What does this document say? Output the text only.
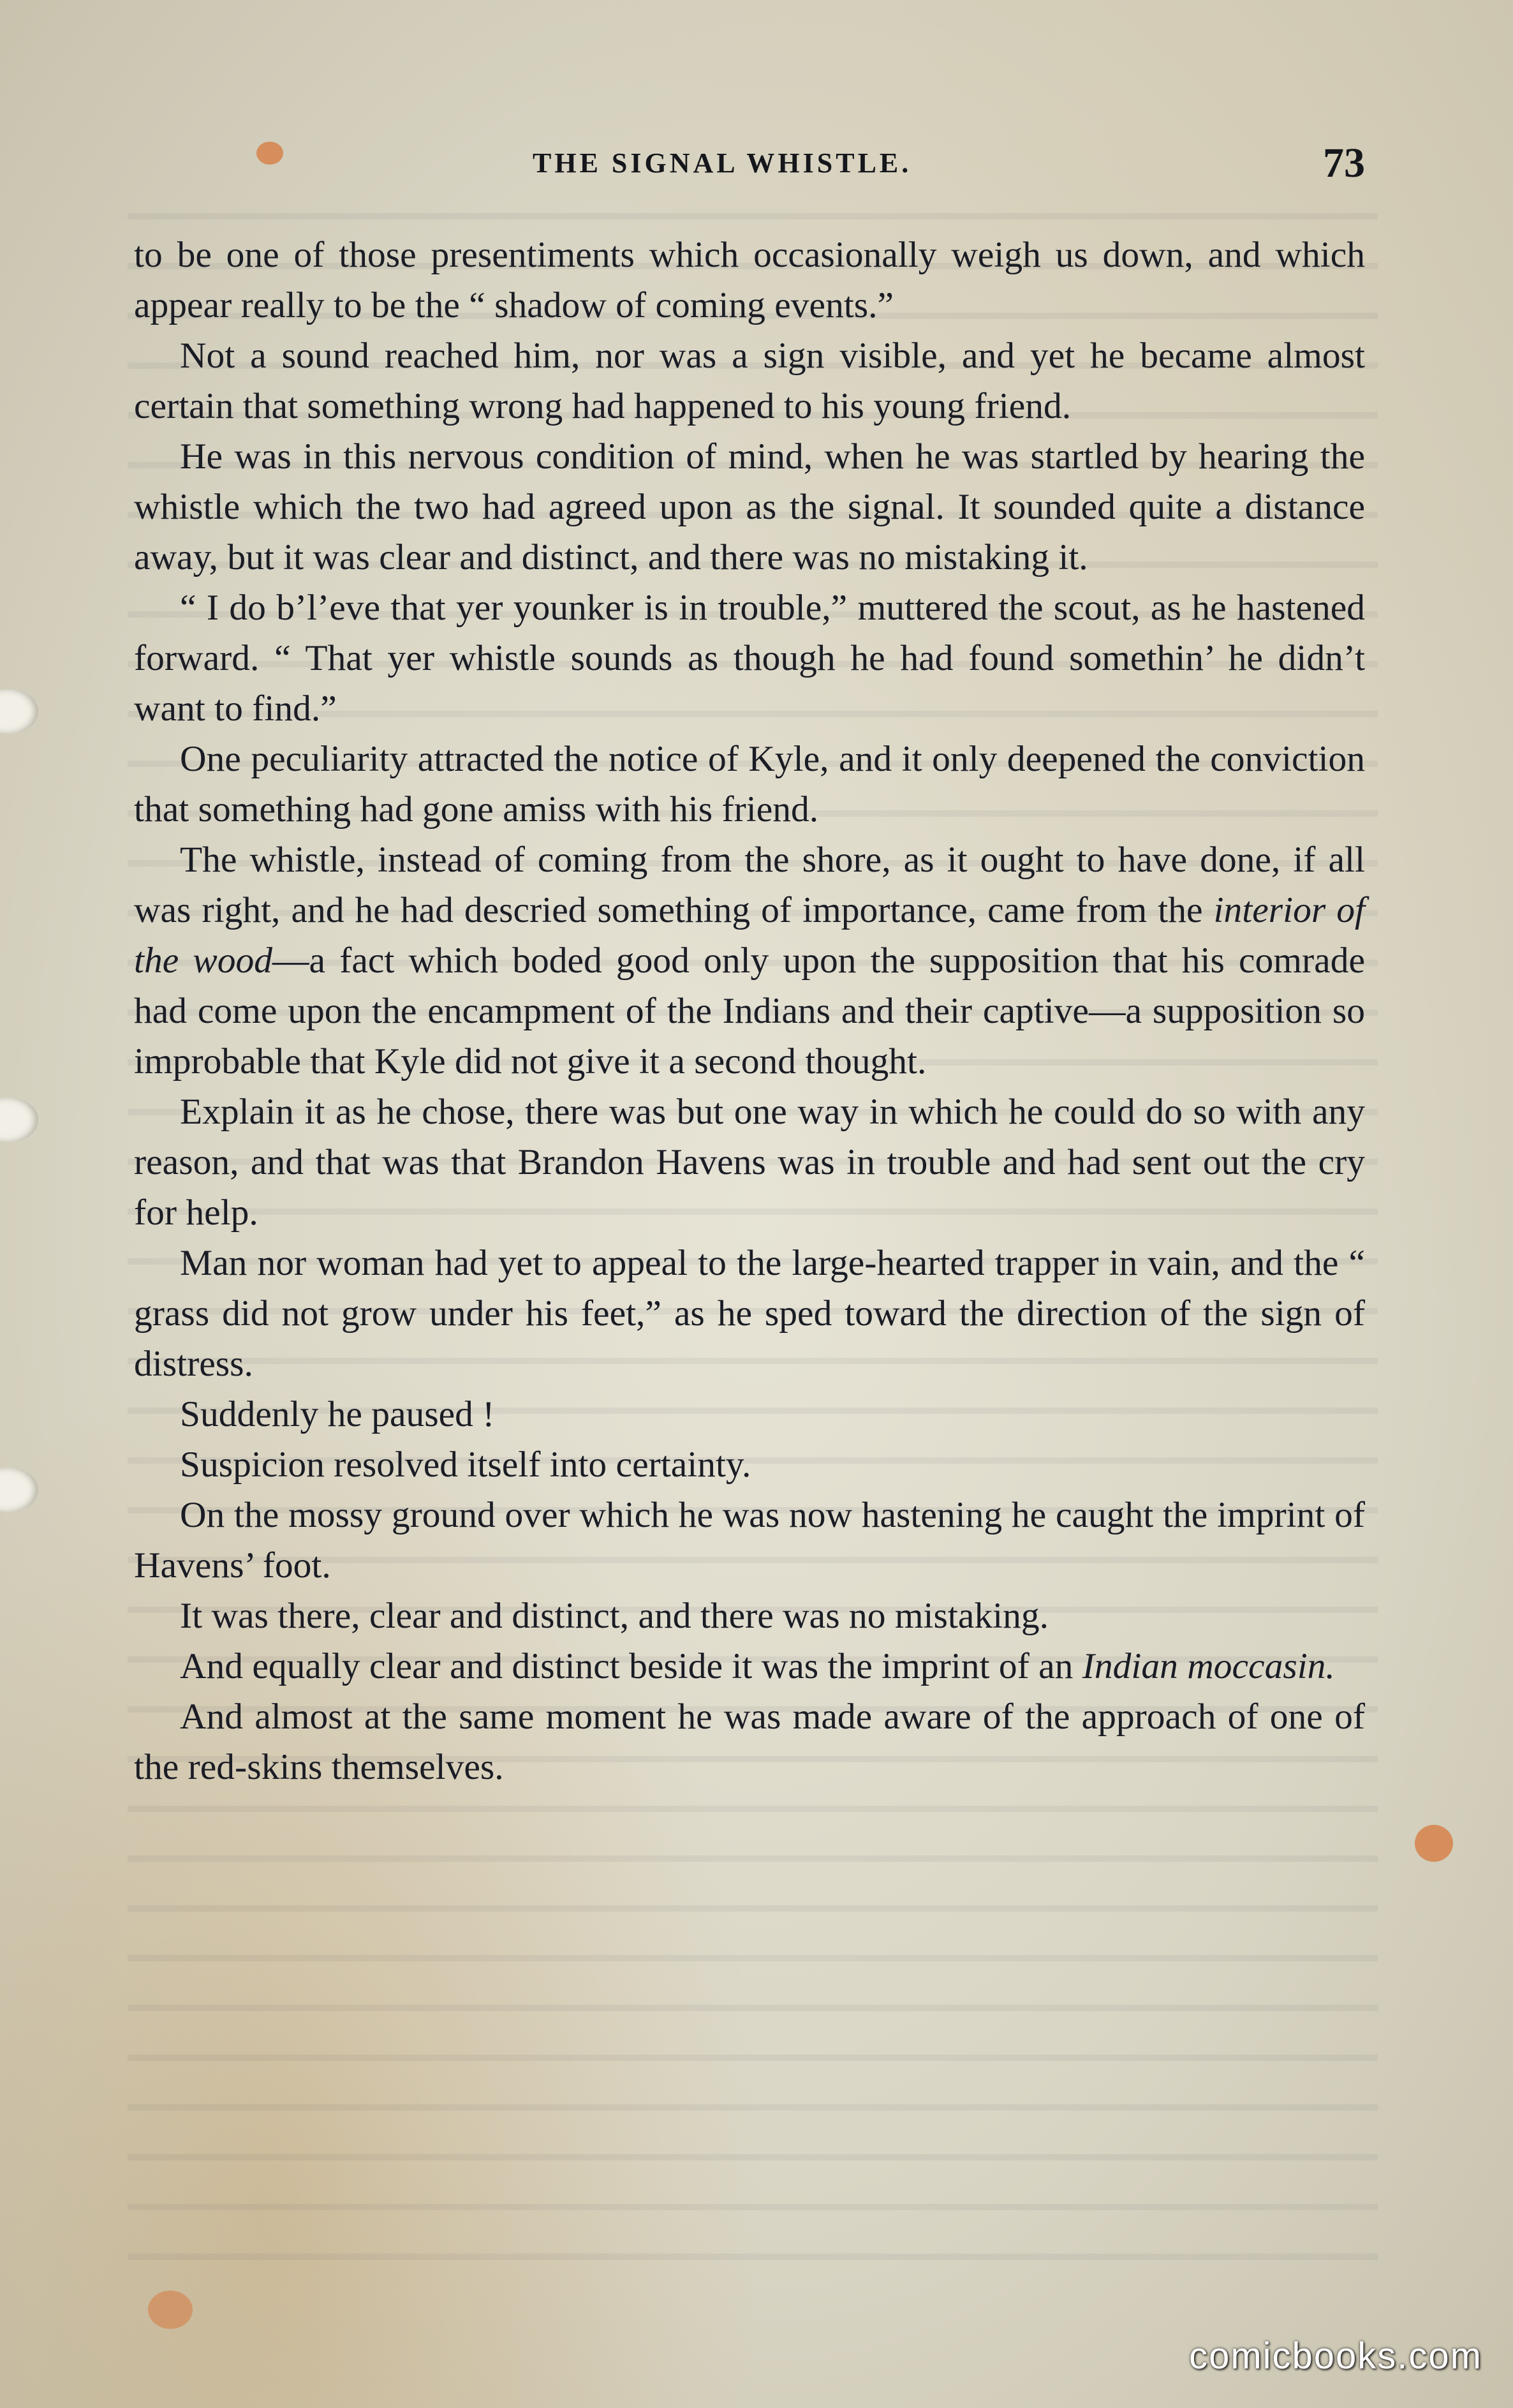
THE SIGNAL WHISTLE.	73

to be one of those presentiments which occasionally weigh us down, and which appear really to be the “ shadow of coming events.”

Not a sound reached him, nor was a sign visible, and yet he became almost certain that something wrong had happened to his young friend.

He was in this nervous condition of mind, when he was startled by hearing the whistle which the two had agreed upon as the signal. It sounded quite a distance away, but it was clear and distinct, and there was no mistaking it.

“ I do b’l’eve that yer younker is in trouble,” muttered the scout, as he hastened forward. “ That yer whistle sounds as though he had found somethin’ he didn’t want to find.”

One peculiarity attracted the notice of Kyle, and it only deepened the conviction that something had gone amiss with his friend.

The whistle, instead of coming from the shore, as it ought to have done, if all was right, and he had descried something of importance, came from the interior of the wood—a fact which boded good only upon the supposition that his comrade had come upon the encampment of the Indians and their captive—a supposition so improbable that Kyle did not give it a second thought.

Explain it as he chose, there was but one way in which he could do so with any reason, and that was that Brandon Havens was in trouble and had sent out the cry for help.

Man nor woman had yet to appeal to the large-hearted trapper in vain, and the “ grass did not grow under his feet,” as he sped toward the direction of the sign of distress.

Suddenly he paused !

Suspicion resolved itself into certainty.

On the mossy ground over which he was now hastening he caught the imprint of Havens’ foot.

It was there, clear and distinct, and there was no mistaking.

And equally clear and distinct beside it was the imprint of an Indian moccasin.

And almost at the same moment he was made aware of the approach of one of the red-skins themselves.

comicbooks.com
